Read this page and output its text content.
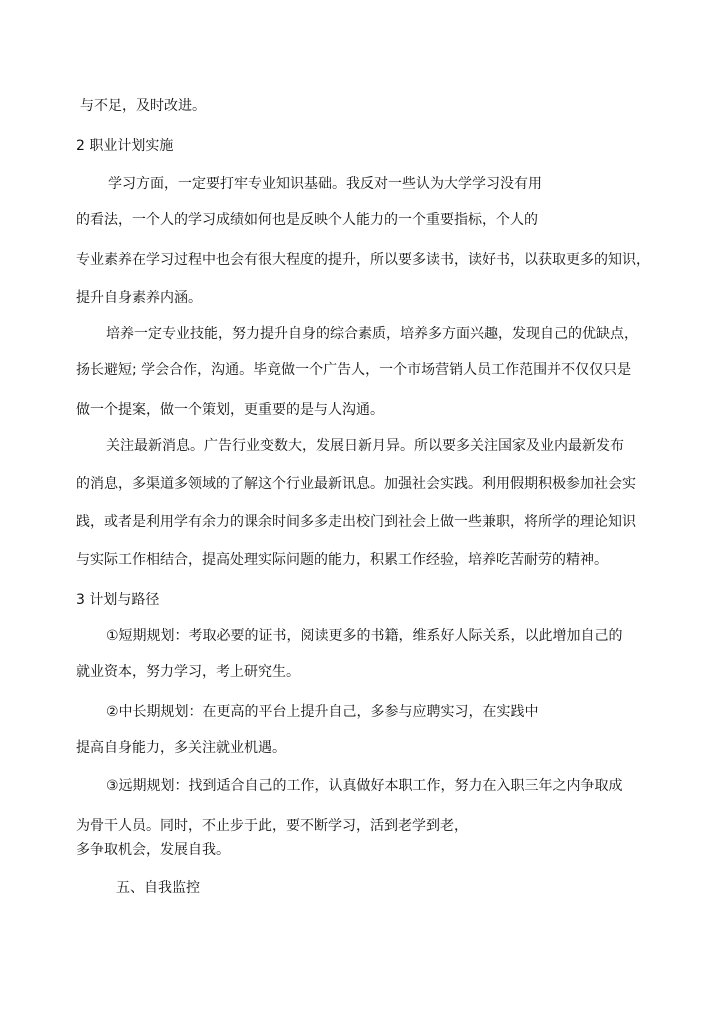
与不足，及时改进。
2 职业计划实施
学习方面，一定要打牢专业知识基础。我反对一些认为大学学习没有用
的看法，一个人的学习成绩如何也是反映个人能力的一个重要指标，个人的
专业素养在学习过程中也会有很大程度的提升，所以要多读书，读好书，以获取更多的知识，
提升自身素养内涵。
培养一定专业技能，努力提升自身的综合素质，培养多方面兴趣，发现自己的优缺点，
扬长避短; 学会合作，沟通。毕竟做一个广告人，一个市场营销人员工作范围并不仅仅只是
做一个提案，做一个策划，更重要的是与人沟通。
关注最新消息。广告行业变数大，发展日新月异。所以要多关注国家及业内最新发布
的消息，多渠道多领域的了解这个行业最新讯息。加强社会实践。利用假期积极参加社会实
践，或者是利用学有余力的课余时间多多走出校门到社会上做一些兼职，将所学的理论知识
与实际工作相结合，提高处理实际问题的能力，积累工作经验，培养吃苦耐劳的精神。
3 计划与路径
①短期规划：考取必要的证书，阅读更多的书籍，维系好人际关系，以此增加自己的
就业资本，努力学习，考上研究生。
②中长期规划：在更高的平台上提升自己，多参与应聘实习，在实践中
提高自身能力，多关注就业机遇。
③远期规划：找到适合自己的工作，认真做好本职工作，努力在入职三年之内争取成
为骨干人员。同时，不止步于此，要不断学习，活到老学到老，
多争取机会，发展自我。
五、自我监控
